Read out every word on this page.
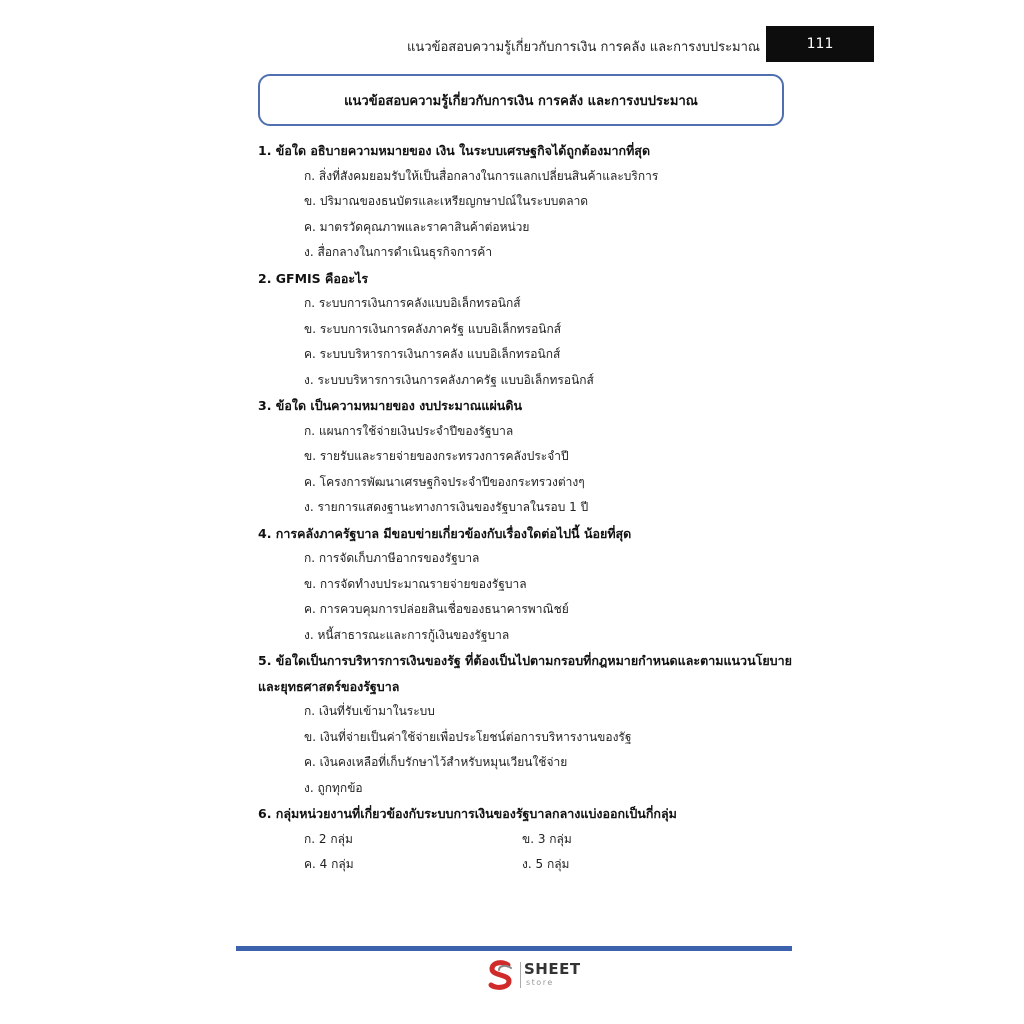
แนวข้อสอบความรู้เกี่ยวกับการเงิน การคลัง และการงบประมาณ	111
แนวข้อสอบความรู้เกี่ยวกับการเงิน การคลัง และการงบประมาณ
1. ข้อใด อธิบายความหมายของ เงิน ในระบบเศรษฐกิจได้ถูกต้องมากที่สุด
ก. สิ่งที่สังคมยอมรับให้เป็นสื่อกลางในการแลกเปลี่ยนสินค้าและบริการ
ข. ปริมาณของธนบัตรและเหรียญกษาปณ์ในระบบตลาด
ค. มาตรวัดคุณภาพและราคาสินค้าต่อหน่วย
ง. สื่อกลางในการดำเนินธุรกิจการค้า
2. GFMIS คืออะไร
ก. ระบบการเงินการคลังแบบอิเล็กทรอนิกส์
ข. ระบบการเงินการคลังภาครัฐ แบบอิเล็กทรอนิกส์
ค. ระบบบริหารการเงินการคลัง แบบอิเล็กทรอนิกส์
ง. ระบบบริหารการเงินการคลังภาครัฐ แบบอิเล็กทรอนิกส์
3. ข้อใด เป็นความหมายของ งบประมาณแผ่นดิน
ก. แผนการใช้จ่ายเงินประจำปีของรัฐบาล
ข. รายรับและรายจ่ายของกระทรวงการคลังประจำปี
ค. โครงการพัฒนาเศรษฐกิจประจำปีของกระทรวงต่างๆ
ง. รายการแสดงฐานะทางการเงินของรัฐบาลในรอบ 1 ปี
4. การคลังภาครัฐบาล มีขอบข่ายเกี่ยวข้องกับเรื่องใดต่อไปนี้ น้อยที่สุด
ก. การจัดเก็บภาษีอากรของรัฐบาล
ข. การจัดทำงบประมาณรายจ่ายของรัฐบาล
ค. การควบคุมการปล่อยสินเชื่อของธนาคารพาณิชย์
ง. หนี้สาธารณะและการกู้เงินของรัฐบาล
5. ข้อใดเป็นการบริหารการเงินของรัฐ ที่ต้องเป็นไปตามกรอบที่กฎหมายกำหนดและตามแนวนโยบาย
และยุทธศาสตร์ของรัฐบาล
ก. เงินที่รับเข้ามาในระบบ
ข. เงินที่จ่ายเป็นค่าใช้จ่ายเพื่อประโยชน์ต่อการบริหารงานของรัฐ
ค. เงินคงเหลือที่เก็บรักษาไว้สำหรับหมุนเวียนใช้จ่าย
ง. ถูกทุกข้อ
6. กลุ่มหน่วยงานที่เกี่ยวข้องกับระบบการเงินของรัฐบาลกลางแบ่งออกเป็นกี่กลุ่ม
ก. 2 กลุ่ม	ข. 3 กลุ่ม
ค. 4 กลุ่ม	ง. 5 กลุ่ม
SHEET
store
